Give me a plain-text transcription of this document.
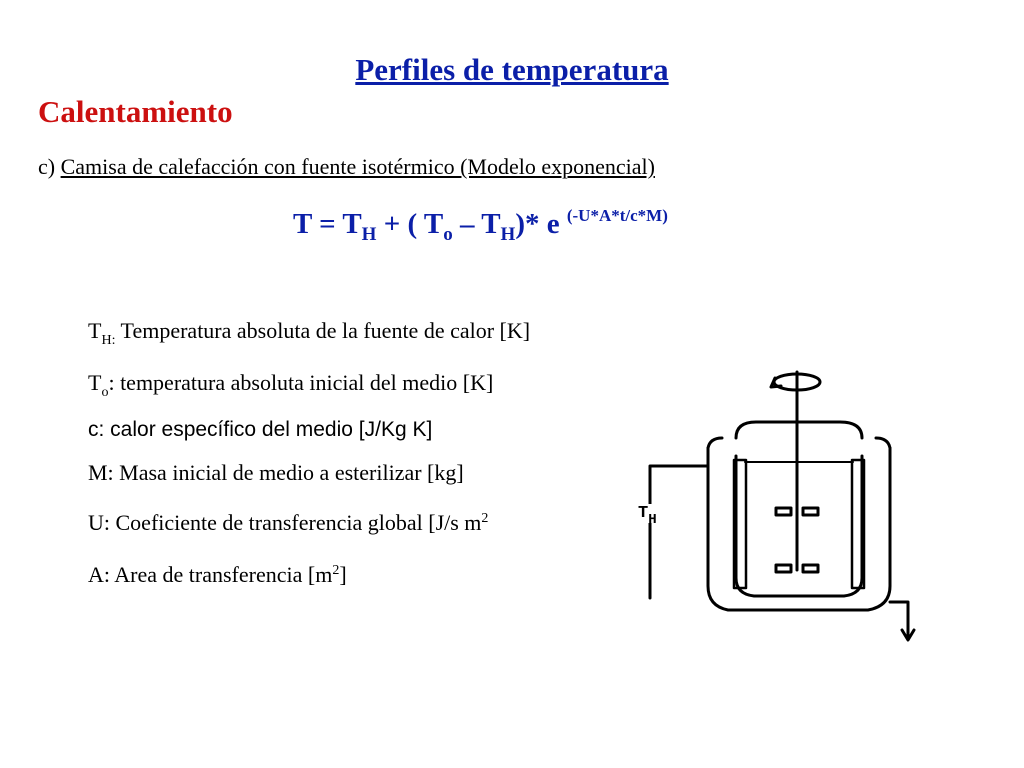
Perfiles de temperatura
Calentamiento
c) Camisa de calefacción con fuente isotérmico (Modelo exponencial)
$T = T_H$ + ( $T_o - T_H)*$ e $^{(-U*A*t/c*M)}$
$T_{H:}$ Temperatura absoluta de la fuente de calor [K]
$T_o$: temperatura absoluta inicial del medio [K]
c: calor específico del medio [J/Kg K]
M: Masa inicial de medio a esterilizar [kg]
U: Coeficiente de transferencia global [J/s $m^2$
A: Area de transferencia $[m^2]$
$T_H$
